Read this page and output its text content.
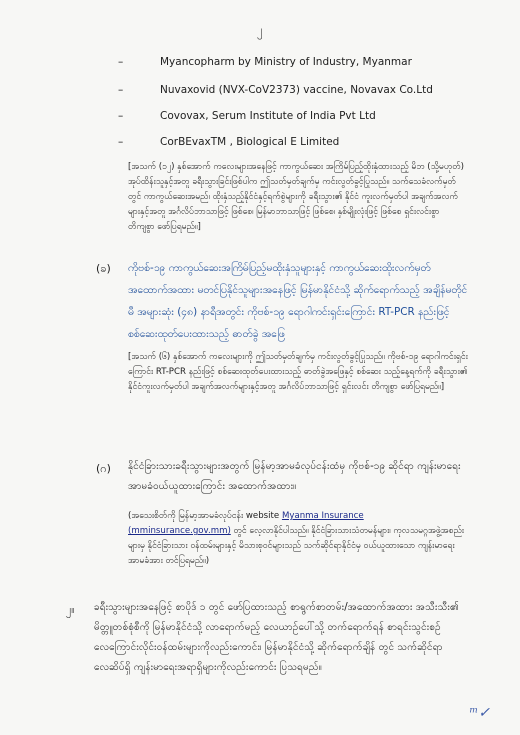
၂
–	Myancopharm by Ministry of Industry, Myanmar
–	Nuvaxovid (NVX-CoV2373) vaccine, Novavax Co.Ltd
–	Covovax, Serum Institute of India Pvt Ltd
–	CorBEvaxTM , Biological E Limited
[အသက် (၁၂) နှစ်အောက် ကလေးများအနေဖြင့် ကာကွယ်ဆေး အကြိမ်ပြည့်ထိုးနှံထားသည့် မိဘ (သို့မဟုတ်) အုပ်ထိန်းသူနှင့်အတူ ခရီးသွားခြင်းဖြစ်ပါက ဤသတ်မှတ်ချက်မှ ကင်းလွတ်ခွင့်ပြုသည်။ သက်သေခံလက်မှတ်တွင် ကာကွယ်ဆေးအမည်၊ ထိုးနှံသည့်နိုင်ငံနှင့်ရက်စွဲများကို ခရီးသွား၏ နိုင်ငံ ကူးလက်မှတ်ပါ အချက်အလက်များနှင့်အတူ အင်္ဂလိပ်ဘာသာဖြင့် ဖြစ်စေ၊ မြန်မာဘာသာဖြင့် ဖြစ်စေ၊ နှစ်မျိုးလုံးဖြင့် ဖြစ်စေ ရှင်းလင်းစွာ တိကျစွာ ဖော်ပြရမည်။]
(ခ) ကိုဗစ်-၁၉ ကာကွယ်ဆေးအကြိမ်ပြည့်မထိုးနှံသူများနှင့် ကာကွယ်ဆေးထိုးလက်မှတ် အထောက်အထား မတင်ပြနိုင်သူများအနေဖြင့် မြန်မာနိုင်ငံသို့ ဆိုက်ရောက်သည့် အချိန်မတိုင်မီ အများဆုံး (၄၈) နာရီအတွင်း ကိုဗစ်-၁၉ ရောဂါကင်းရှင်းကြောင်း RT-PCR နည်းဖြင့် စစ်ဆေးထုတ်ပေးထားသည့် ဓာတ်ခွဲ အဖြေ
[အသက် (၆) နှစ်အောက် ကလေးများကို ဤသတ်မှတ်ချက်မှ ကင်းလွတ်ခွင့်ပြုသည်။ ကိုဗစ်-၁၉ ရောဂါကင်းရှင်းကြောင်း RT-PCR နည်းဖြင့် စစ်ဆေးထုတ်ပေးထားသည့် ဓာတ်ခွဲအဖြေနှင့် စစ်ဆေး သည့်နေ့ရက်ကို ခရီးသွား၏ နိုင်ငံကူးလက်မှတ်ပါ အချက်အလက်များနှင့်အတူ အင်္ဂလိပ်ဘာသာဖြင့် ရှင်းလင်း တိကျစွာ ဖော်ပြရမည်။]
(ဂ) နိုင်ငံခြားသားခရီးသွားများအတွက် မြန်မာ့အာမခံလုပ်ငန်းထံမှ ကိုဗစ်-၁၉ ဆိုင်ရာ ကျန်းမာရေး အာမခံဝယ်ယူထားကြောင်း အထောက်အထား။
(အသေးစိတ်ကို မြန်မာ့အာမခံလုပ်ငန်း website Myanma Insurance (mminsurance.gov.mm) တွင် လေ့လာနိုင်ပါသည်။ နိုင်ငံခြားသားသံတမန်များ၊ ကုလသမဂ္ဂအဖွဲ့အစည်းများမှ နိုင်ငံခြားသား ဝန်ထမ်းများနှင့် မိသားစုဝင်များသည် သက်ဆိုင်ရာနိုင်ငံမှ ဝယ်ယူထားသော ကျန်းမာရေးအာမခံအား တင်ပြရမည်။)
၂။ ခရီးသွားများအနေဖြင့် စာပိုဒ် ၁ တွင် ဖော်ပြထားသည့် စာရွက်စာတမ်း/အထောက်အထား အသီးသီး၏ မိတ္တူတစ်စုံစီကို မြန်မာနိုင်ငံသို့ လာရောက်မည့် လေယာဉ်ပေါ်သို့ တက်ရောက်ရန် စာရင်းသွင်းစဉ် လေကြောင်းလိုင်းဝန်ထမ်းများကိုလည်းကောင်း၊ မြန်မာနိုင်ငံသို့ ဆိုက်ရောက်ချိန် တွင် သက်ဆိုင်ရာ လေဆိပ်ရှိ ကျန်းမာရေးအရာရှိများကိုလည်းကောင်း ပြသရမည်။
ᵐ✓
